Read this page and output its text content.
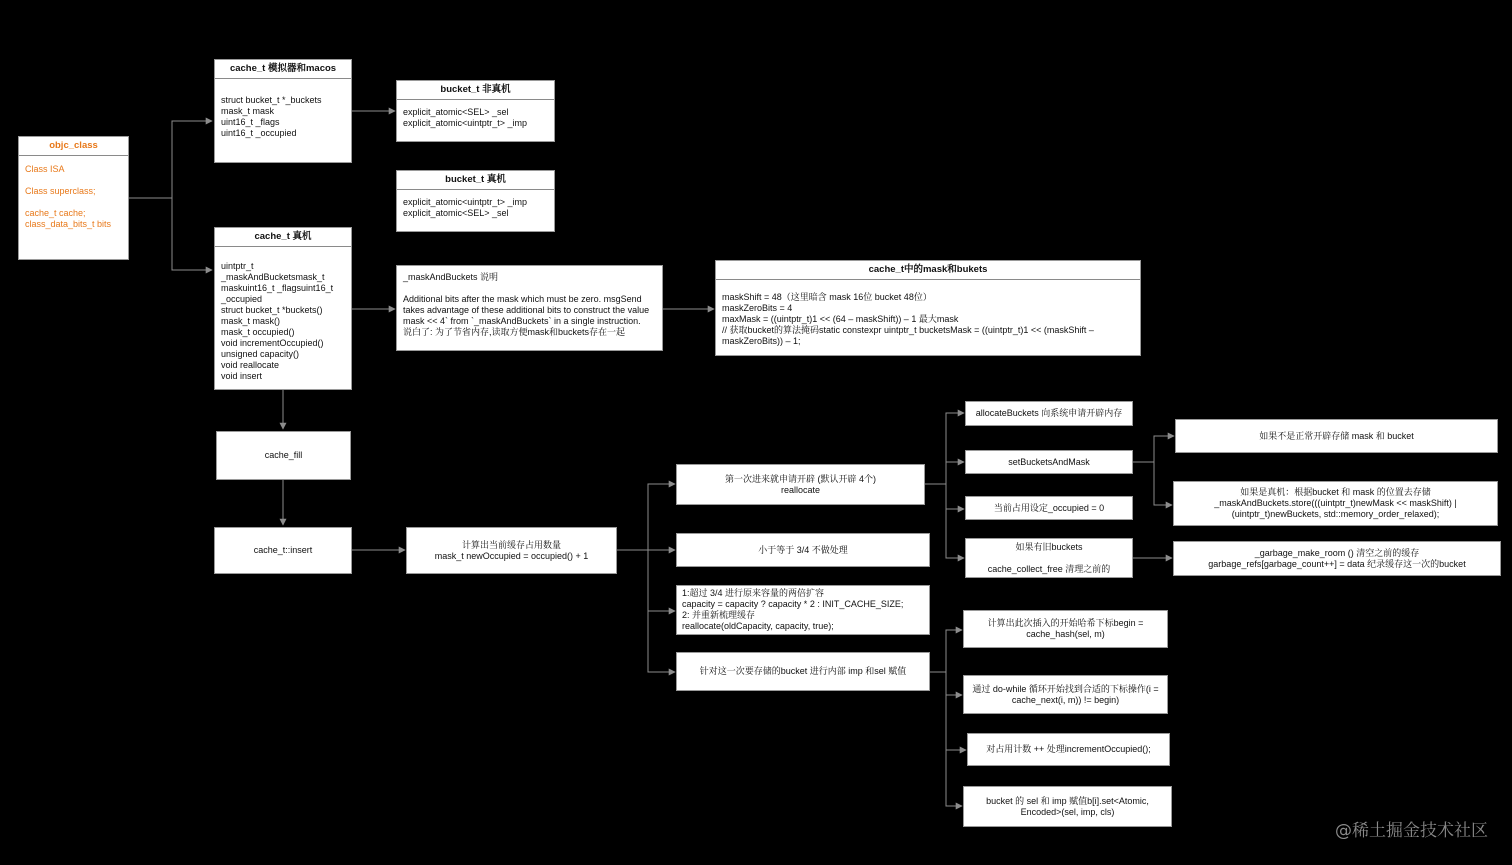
objc_class
Class ISA

Class superclass;

cache_t cache;
class_data_bits_t bits
cache_t 模拟器和macos

struct bucket_t *_buckets
mask_t mask
uint16_t _flags
uint16_t _occupied
bucket_t 非真机
explicit_atomic<SEL> _sel
explicit_atomic<uintptr_t> _imp
bucket_t 真机
explicit_atomic<uintptr_t> _imp
explicit_atomic<SEL> _sel
cache_t 真机
uintptr_t
_maskAndBucketsmask_t
maskuint16_t _flagsuint16_t
_occupied
struct bucket_t *buckets()
mask_t mask()
mask_t occupied()
void incrementOccupied()
unsigned capacity()
void reallocate
void insert
_maskAndBuckets 说明

Additional bits after the mask which must be zero. msgSend takes advantage of these additional bits to construct the value mask << 4` from `_maskAndBuckets` in a single instruction.
说白了: 为了节省内存,读取方便mask和buckets存在一起
cache_t中的mask和bukets
maskShift = 48（这里暗含 mask 16位 bucket 48位）
maskZeroBits = 4
maxMask = ((uintptr_t)1 << (64 – maskShift)) – 1 最大mask
// 获取bucket的算法掩码static constexpr uintptr_t bucketsMask = ((uintptr_t)1 << (maskShift – maskZeroBits)) – 1;
cache_fill
cache_t::insert
计算出当前缓存占用数量
mask_t newOccupied = occupied() + 1
第一次进来就申请开辟 (默认开辟 4个)
reallocate
小于等于 3/4 不做处理
1:超过 3/4 进行原来容量的两倍扩容
capacity = capacity ? capacity * 2 : INIT_CACHE_SIZE;
2: 并重新梳理缓存
reallocate(oldCapacity, capacity, true);
针对这一次要存储的bucket 进行内部 imp 和sel 赋值
allocateBuckets 向系统申请开辟内存
setBucketsAndMask
当前占用设定_occupied = 0
如果有旧buckets

cache_collect_free 清理之前的
如果不是正常开辟存储 mask 和 bucket
如果是真机：根据bucket 和 mask 的位置去存储
_maskAndBuckets.store(((uintptr_t)newMask << maskShift) | (uintptr_t)newBuckets, std::memory_order_relaxed);
_garbage_make_room () 清空之前的缓存
garbage_refs[garbage_count++] = data 纪录缓存这一次的bucket
计算出此次插入的开始哈希下标begin = cache_hash(sel, m)
通过 do-while 循环开始找到合适的下标操作(i = cache_next(i, m)) != begin)
对占用计数 ++ 处理incrementOccupied();
bucket 的 sel 和 imp 赋值b[i].set<Atomic, Encoded>(sel, imp, cls)
@稀土掘金技术社区
